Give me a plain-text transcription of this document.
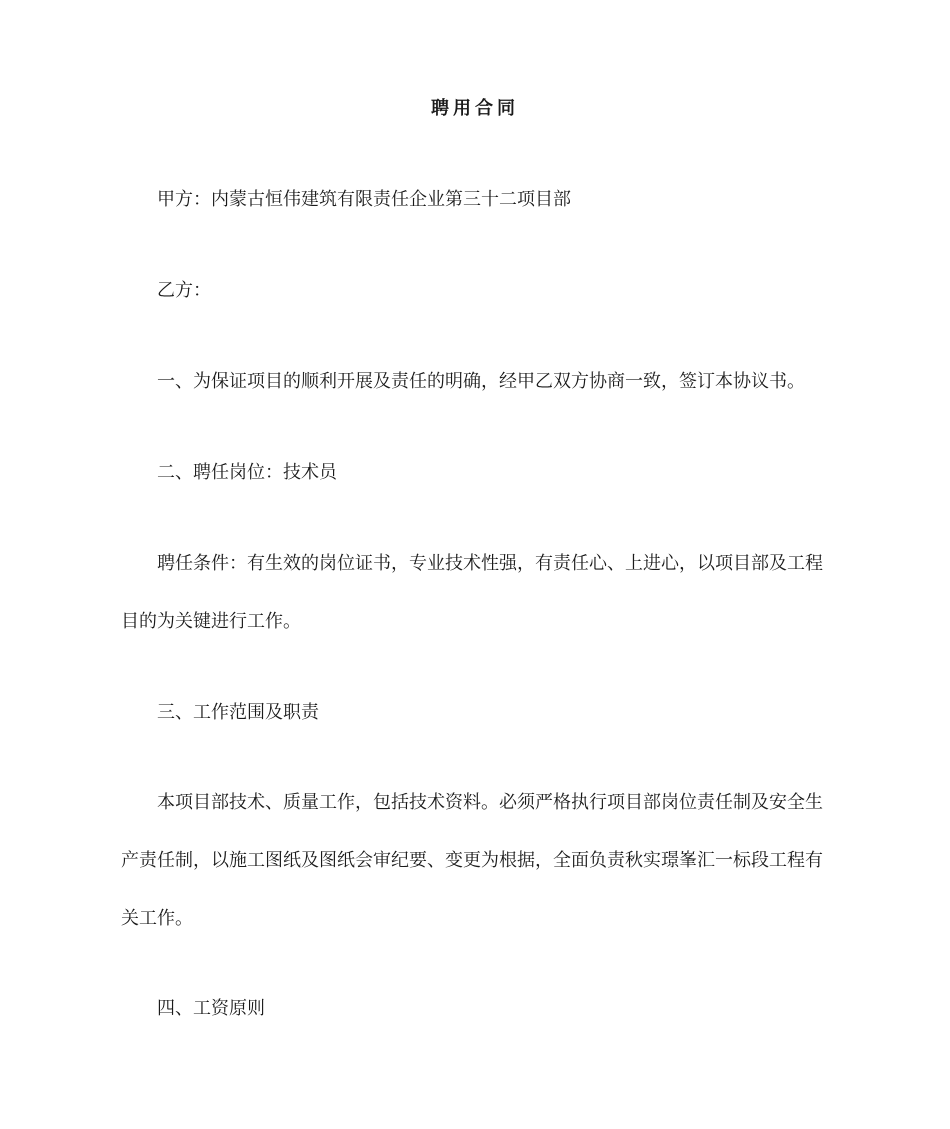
聘用合同

甲方：内蒙古恒伟建筑有限责任企业第三十二项目部

乙方：

一、为保证项目的顺利开展及责任的明确，经甲乙双方协商一致，签订本协议书。

二、聘任岗位：技术员

聘任条件：有生效的岗位证书，专业技术性强，有责任心、上进心，以项目部及工程目的为关键进行工作。

三、工作范围及职责

本项目部技术、质量工作，包括技术资料。必须严格执行项目部岗位责任制及安全生产责任制，以施工图纸及图纸会审纪要、变更为根据，全面负责秋实璟峯汇一标段工程有关工作。

四、工资原则
